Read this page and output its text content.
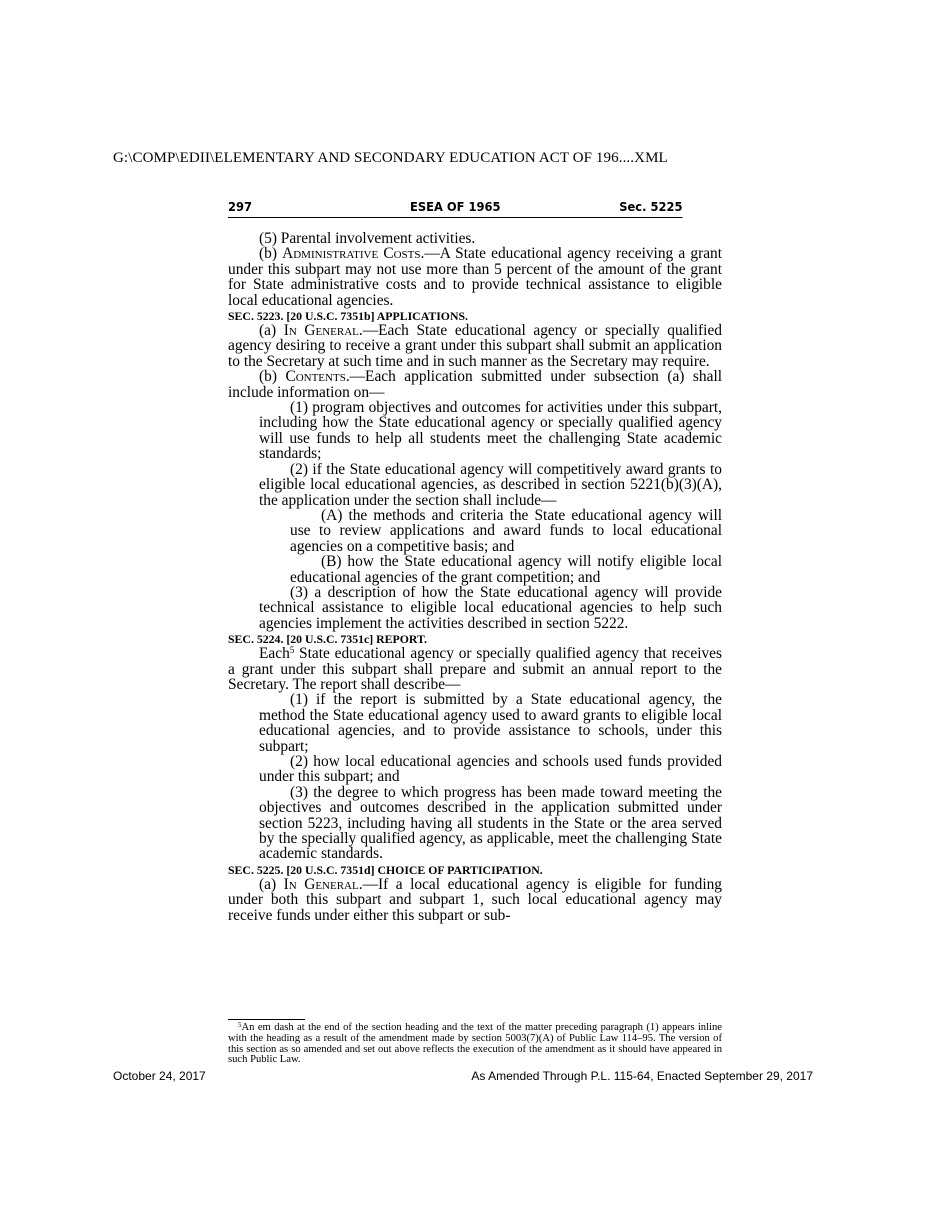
G:\COMP\EDII\ELEMENTARY AND SECONDARY EDUCATION ACT OF 196....XML
297	ESEA OF 1965	Sec. 5225

(5) Parental involvement activities.

(b) Administrative Costs.—A State educational agency receiving a grant under this subpart may not use more than 5 percent of the amount of the grant for State administrative costs and to provide technical assistance to eligible local educational agencies.

SEC. 5223. [20 U.S.C. 7351b] APPLICATIONS.

(a) In General.—Each State educational agency or specially qualified agency desiring to receive a grant under this subpart shall submit an application to the Secretary at such time and in such manner as the Secretary may require.

(b) Contents.—Each application submitted under subsection (a) shall include information on—

(1) program objectives and outcomes for activities under this subpart, including how the State educational agency or specially qualified agency will use funds to help all students meet the challenging State academic standards;

(2) if the State educational agency will competitively award grants to eligible local educational agencies, as described in section 5221(b)(3)(A), the application under the section shall include—

(A) the methods and criteria the State educational agency will use to review applications and award funds to local educational agencies on a competitive basis; and

(B) how the State educational agency will notify eligible local educational agencies of the grant competition; and

(3) a description of how the State educational agency will provide technical assistance to eligible local educational agencies to help such agencies implement the activities described in section 5222.

SEC. 5224. [20 U.S.C. 7351c] REPORT.

Each$^5$ State educational agency or specially qualified agency that receives a grant under this subpart shall prepare and submit an annual report to the Secretary. The report shall describe—

(1) if the report is submitted by a State educational agency, the method the State educational agency used to award grants to eligible local educational agencies, and to provide assistance to schools, under this subpart;

(2) how local educational agencies and schools used funds provided under this subpart; and

(3) the degree to which progress has been made toward meeting the objectives and outcomes described in the application submitted under section 5223, including having all students in the State or the area served by the specially qualified agency, as applicable, meet the challenging State academic standards.

SEC. 5225. [20 U.S.C. 7351d] CHOICE OF PARTICIPATION.

(a) In General.—If a local educational agency is eligible for funding under both this subpart and subpart 1, such local educational agency may receive funds under either this subpart or sub-

$^5$An em dash at the end of the section heading and the text of the matter preceding paragraph (1) appears inline with the heading as a result of the amendment made by section 5003(7)(A) of Public Law 114–95. The version of this section as so amended and set out above reflects the execution of the amendment as it should have appeared in such Public Law.
October 24, 2017	As Amended Through P.L. 115-64, Enacted September 29, 2017
